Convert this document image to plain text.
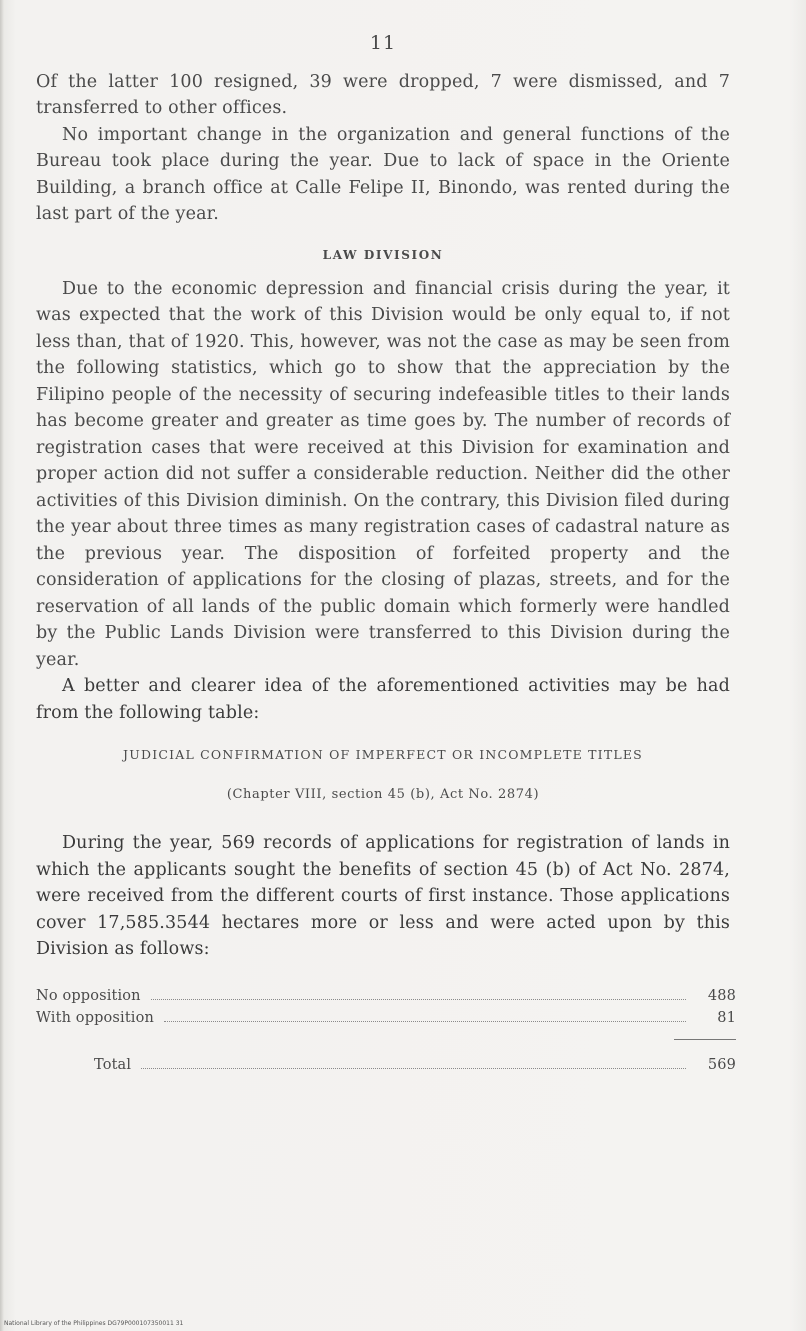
11

Of the latter 100 resigned, 39 were dropped, 7 were dismissed, and 7 transferred to other offices.

No important change in the organization and general functions of the Bureau took place during the year. Due to lack of space in the Oriente Building, a branch office at Calle Felipe II, Binondo, was rented during the last part of the year.

LAW DIVISION

Due to the economic depression and financial crisis during the year, it was expected that the work of this Division would be only equal to, if not less than, that of 1920. This, however, was not the case as may be seen from the following statistics, which go to show that the appreciation by the Filipino people of the necessity of securing indefeasible titles to their lands has become greater and greater as time goes by. The number of records of registration cases that were received at this Division for examination and proper action did not suffer a considerable reduction. Neither did the other activities of this Division diminish. On the contrary, this Division filed during the year about three times as many registration cases of cadastral nature as the previous year. The disposition of forfeited property and the consideration of applications for the closing of plazas, streets, and for the reservation of all lands of the public domain which formerly were handled by the Public Lands Division were transferred to this Division during the year.

A better and clearer idea of the aforementioned activities may be had from the following table:

JUDICIAL CONFIRMATION OF IMPERFECT OR INCOMPLETE TITLES
(Chapter VIII, section 45 (b), Act No. 2874)

During the year, 569 records of applications for registration of lands in which the applicants sought the benefits of section 45 (b) of Act No. 2874, were received from the different courts of first instance. Those applications cover 17,585.3544 hectares more or less and were acted upon by this Division as follows:

No opposition	488
With opposition	81
Total	569
National Library of the Philippines DG79P000107350011 31
